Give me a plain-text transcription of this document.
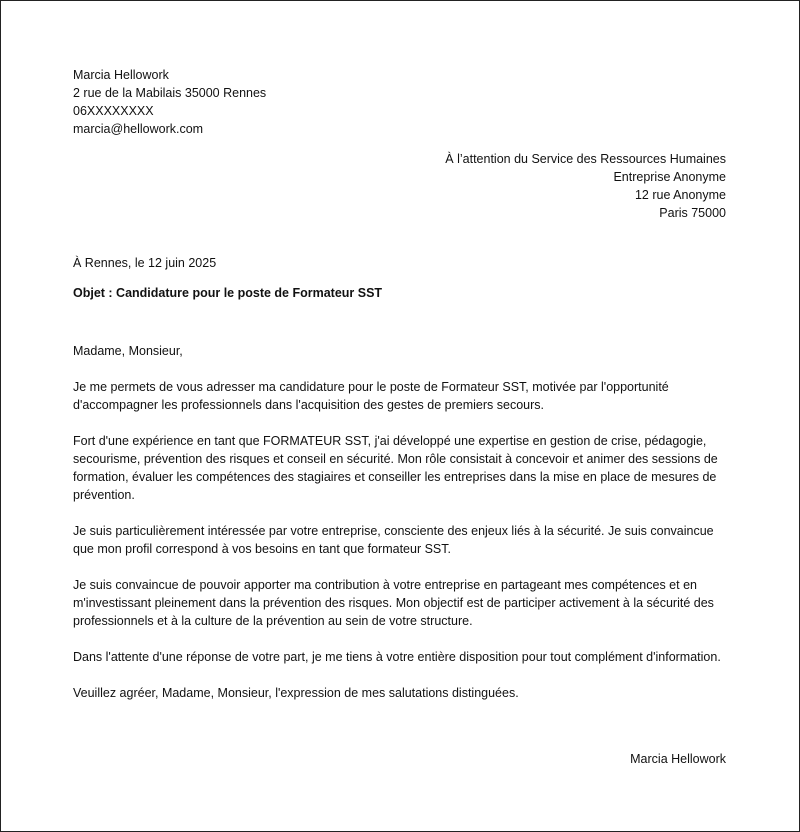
Marcia Hellowork
2 rue de la Mabilais 35000 Rennes
06XXXXXXXX
marcia@hellowork.com
À l’attention du Service des Ressources Humaines
Entreprise Anonyme
12 rue Anonyme
Paris 75000
À Rennes, le 12 juin 2025
Objet : Candidature pour le poste de Formateur SST

Madame, Monsieur,

Je me permets de vous adresser ma candidature pour le poste de Formateur SST, motivée par l'opportunité d'accompagner les professionnels dans l'acquisition des gestes de premiers secours.

Fort d'une expérience en tant que FORMATEUR SST, j'ai développé une expertise en gestion de crise, pédagogie, secourisme, prévention des risques et conseil en sécurité. Mon rôle consistait à concevoir et animer des sessions de formation, évaluer les compétences des stagiaires et conseiller les entreprises dans la mise en place de mesures de prévention.

Je suis particulièrement intéressée par votre entreprise, consciente des enjeux liés à la sécurité. Je suis convaincue que mon profil correspond à vos besoins en tant que formateur SST.

Je suis convaincue de pouvoir apporter ma contribution à votre entreprise en partageant mes compétences et en m'investissant pleinement dans la prévention des risques. Mon objectif est de participer activement à la sécurité des professionnels et à la culture de la prévention au sein de votre structure.

Dans l'attente d'une réponse de votre part, je me tiens à votre entière disposition pour tout complément d'information.

Veuillez agréer, Madame, Monsieur, l'expression de mes salutations distinguées.

Marcia Hellowork
